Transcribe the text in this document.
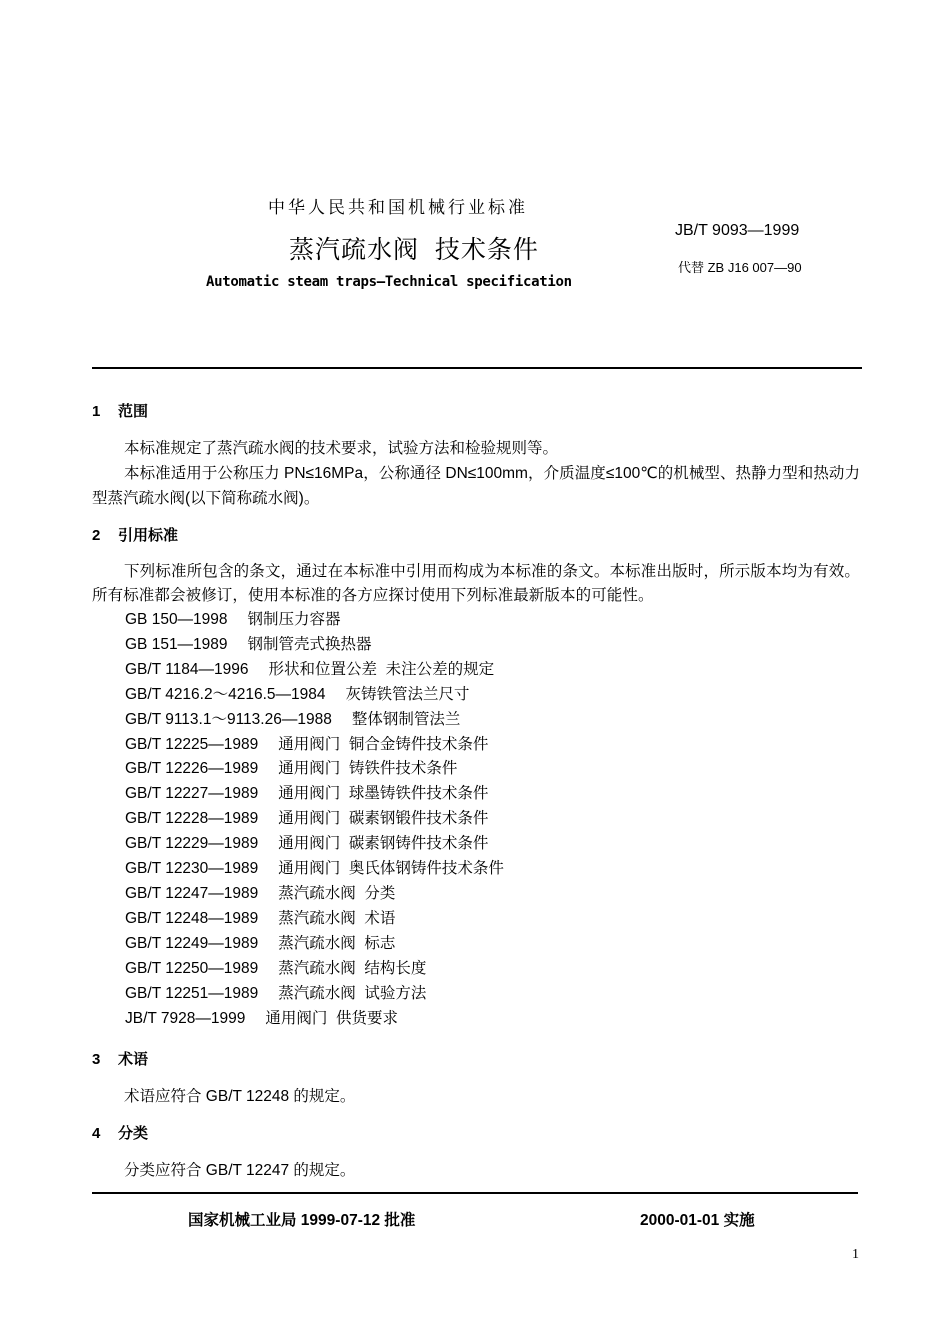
中华人民共和国机械行业标准
蒸汽疏水阀  技术条件
Automatic steam traps—Technical specification
JB/T 9093—1999
代替 ZB J16 007—90
1 范围
本标准规定了蒸汽疏水阀的技术要求，试验方法和检验规则等。
本标准适用于公称压力 PN≤16MPa，公称通径 DN≤100mm，介质温度≤100℃的机械型、热静力型和热动力型蒸汽疏水阀(以下简称疏水阀)。
2 引用标准
下列标准所包含的条文，通过在本标准中引用而构成为本标准的条文。本标准出版时，所示版本均为有效。所有标准都会被修订，使用本标准的各方应探讨使用下列标准最新版本的可能性。
GB 150—1998 钢制压力容器
GB 151—1989 钢制管壳式换热器
GB/T 1184—1996 形状和位置公差  未注公差的规定
GB/T 4216.2～4216.5—1984 灰铸铁管法兰尺寸
GB/T 9113.1～9113.26—1988 整体钢制管法兰
GB/T 12225—1989 通用阀门  铜合金铸件技术条件
GB/T 12226—1989 通用阀门  铸铁件技术条件
GB/T 12227—1989 通用阀门  球墨铸铁件技术条件
GB/T 12228—1989 通用阀门  碳素钢锻件技术条件
GB/T 12229—1989 通用阀门  碳素钢铸件技术条件
GB/T 12230—1989 通用阀门  奥氏体钢铸件技术条件
GB/T 12247—1989 蒸汽疏水阀  分类
GB/T 12248—1989 蒸汽疏水阀  术语
GB/T 12249—1989 蒸汽疏水阀  标志
GB/T 12250—1989 蒸汽疏水阀  结构长度
GB/T 12251—1989 蒸汽疏水阀  试验方法
JB/T 7928—1999 通用阀门  供货要求
3 术语
术语应符合 GB/T 12248 的规定。
4 分类
分类应符合 GB/T 12247 的规定。
国家机械工业局 1999-07-12 批准	2000-01-01 实施
1
